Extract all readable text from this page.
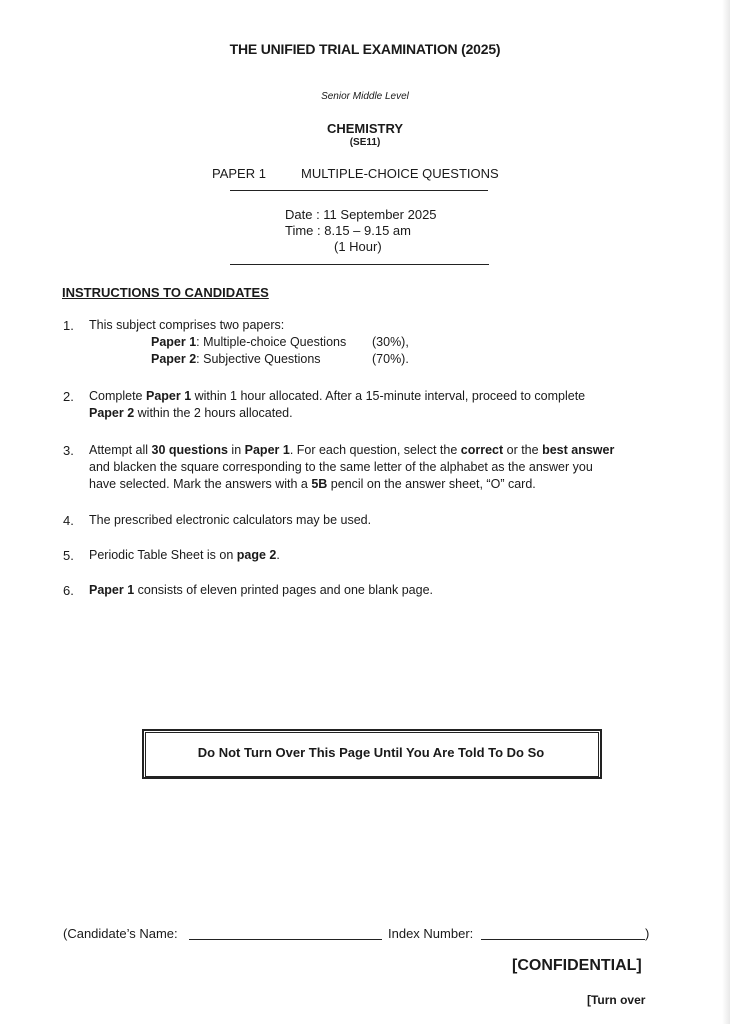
THE UNIFIED TRIAL EXAMINATION (2025)
Senior Middle Level
CHEMISTRY
(SE11)
PAPER 1	MULTIPLE-CHOICE QUESTIONS
Date : 11 September 2025
Time : 8.15 – 9.15 am
(1 Hour)
INSTRUCTIONS TO CANDIDATES
1. This subject comprises two papers:
Paper 1: Multiple-choice Questions (30%),
Paper 2: Subjective Questions	(70%).
2. Complete Paper 1 within 1 hour allocated. After a 15-minute interval, proceed to complete
Paper 2 within the 2 hours allocated.
3. Attempt all 30 questions in Paper 1. For each question, select the correct or the best answer
and blacken the square corresponding to the same letter of the alphabet as the answer you
have selected. Mark the answers with a 5B pencil on the answer sheet, “O” card.
4. The prescribed electronic calculators may be used.
5. Periodic Table Sheet is on page 2.
6. Paper 1 consists of eleven printed pages and one blank page.
Do Not Turn Over This Page Until You Are Told To Do So
(Candidate’s Name:	Index Number:	)
[CONFIDENTIAL]
[Turn over
